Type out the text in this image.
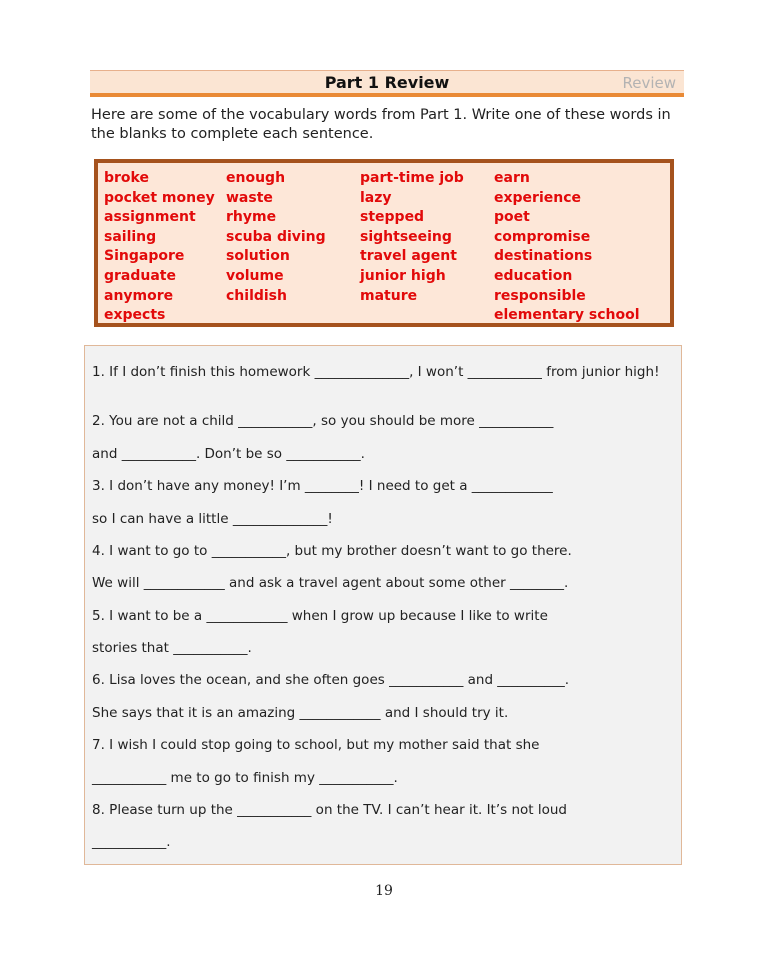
Part 1 Review	Review
Here are some of the vocabulary words from Part 1. Write one of these words in the blanks to complete each sentence.
broke
pocket money
assignment
sailing
Singapore
graduate
anymore
expects
enough
waste
rhyme
scuba diving
solution
volume
childish
part-time job
lazy
stepped
sightseeing
travel agent
junior high
mature
earn
experience
poet
compromise
destinations
education
responsible
elementary school
1. If I don’t finish this homework ______________, I won’t ___________ from junior high!
2. You are not a child ___________, so you should be more ___________
and ___________. Don’t be so ___________.
3. I don’t have any money! I’m ________! I need to get a ____________
so I can have a little ______________!
4. I want to go to ___________, but my brother doesn’t want to go there.
We will ____________ and ask a travel agent about some other ________.
5. I want to be a ____________ when I grow up because I like to write
stories that ___________.
6. Lisa loves the ocean, and she often goes ___________ and __________.
She says that it is an amazing ____________ and I should try it.
7. I wish I could stop going to school, but my mother said that she
___________ me to go to finish my ___________.
8. Please turn up the ___________ on the TV. I can’t hear it. It’s not loud
___________.
19
